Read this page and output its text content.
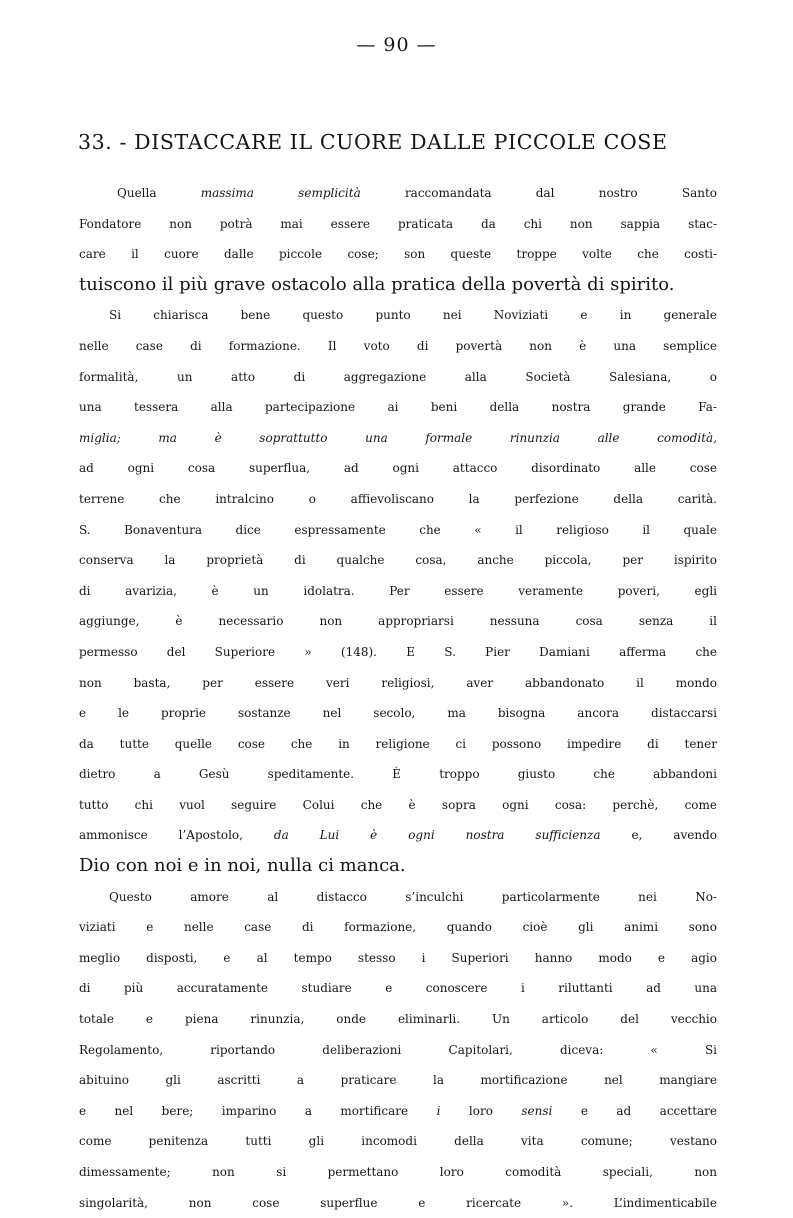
— 90 —
33. - DISTACCARE IL CUORE DALLE PICCOLE COSE
Quella massima semplicità raccomandata dal nostro Santo
Fondatore non potrà mai essere praticata da chi non sappia stac-
care il cuore dalle piccole cose; son queste troppe volte che costi-
tuiscono il più grave ostacolo alla pratica della povertà di spirito.
Si chiarisca bene questo punto nei Noviziati e in generale
nelle case di formazione. Il voto di povertà non è una semplice
formalità, un atto di aggregazione alla Società Salesiana, o
una tessera alla partecipazione ai beni della nostra grande Fa-
miglia; ma è soprattutto una formale rinunzia alle comodità,
ad ogni cosa superflua, ad ogni attacco disordinato alle cose
terrene che intralcino o affievoliscano la perfezione della carità.
S. Bonaventura dice espressamente che « il religioso il quale
conserva la proprietà di qualche cosa, anche piccola, per ispirito
di avarizia, è un idolatra. Per essere veramente poveri, egli
aggiunge, è necessario non appropriarsi nessuna cosa senza il
permesso del Superiore » (148). E S. Pier Damiani afferma che
non basta, per essere veri religiosi, aver abbandonato il mondo
e le proprie sostanze nel secolo, ma bisogna ancora distaccarsi
da tutte quelle cose che in religione ci possono impedire di tener
dietro a Gesù speditamente. È troppo giusto che abbandoni
tutto chi vuol seguire Colui che è sopra ogni cosa: perchè, come
ammonisce l’Apostolo, da Lui è ogni nostra sufficienza e, avendo
Dio con noi e in noi, nulla ci manca.
Questo amore al distacco s’inculchi particolarmente nei No-
viziati e nelle case di formazione, quando cioè gli animi sono
meglio disposti, e al tempo stesso i Superiori hanno modo e agio
di più accuratamente studiare e conoscere i riluttanti ad una
totale e piena rinunzia, onde eliminarli. Un articolo del vecchio
Regolamento, riportando deliberazioni Capitolari, diceva: « Si
abituino gli ascritti a praticare la mortificazione nel mangiare
e nel bere; imparino a mortificare i loro sensi e ad accettare
come penitenza tutti gli incomodi della vita comune; vestano
dimessamente; non si permettano loro comodità speciali, non
singolarità, non cose superflue e ricercate ». L’indimenticabile
